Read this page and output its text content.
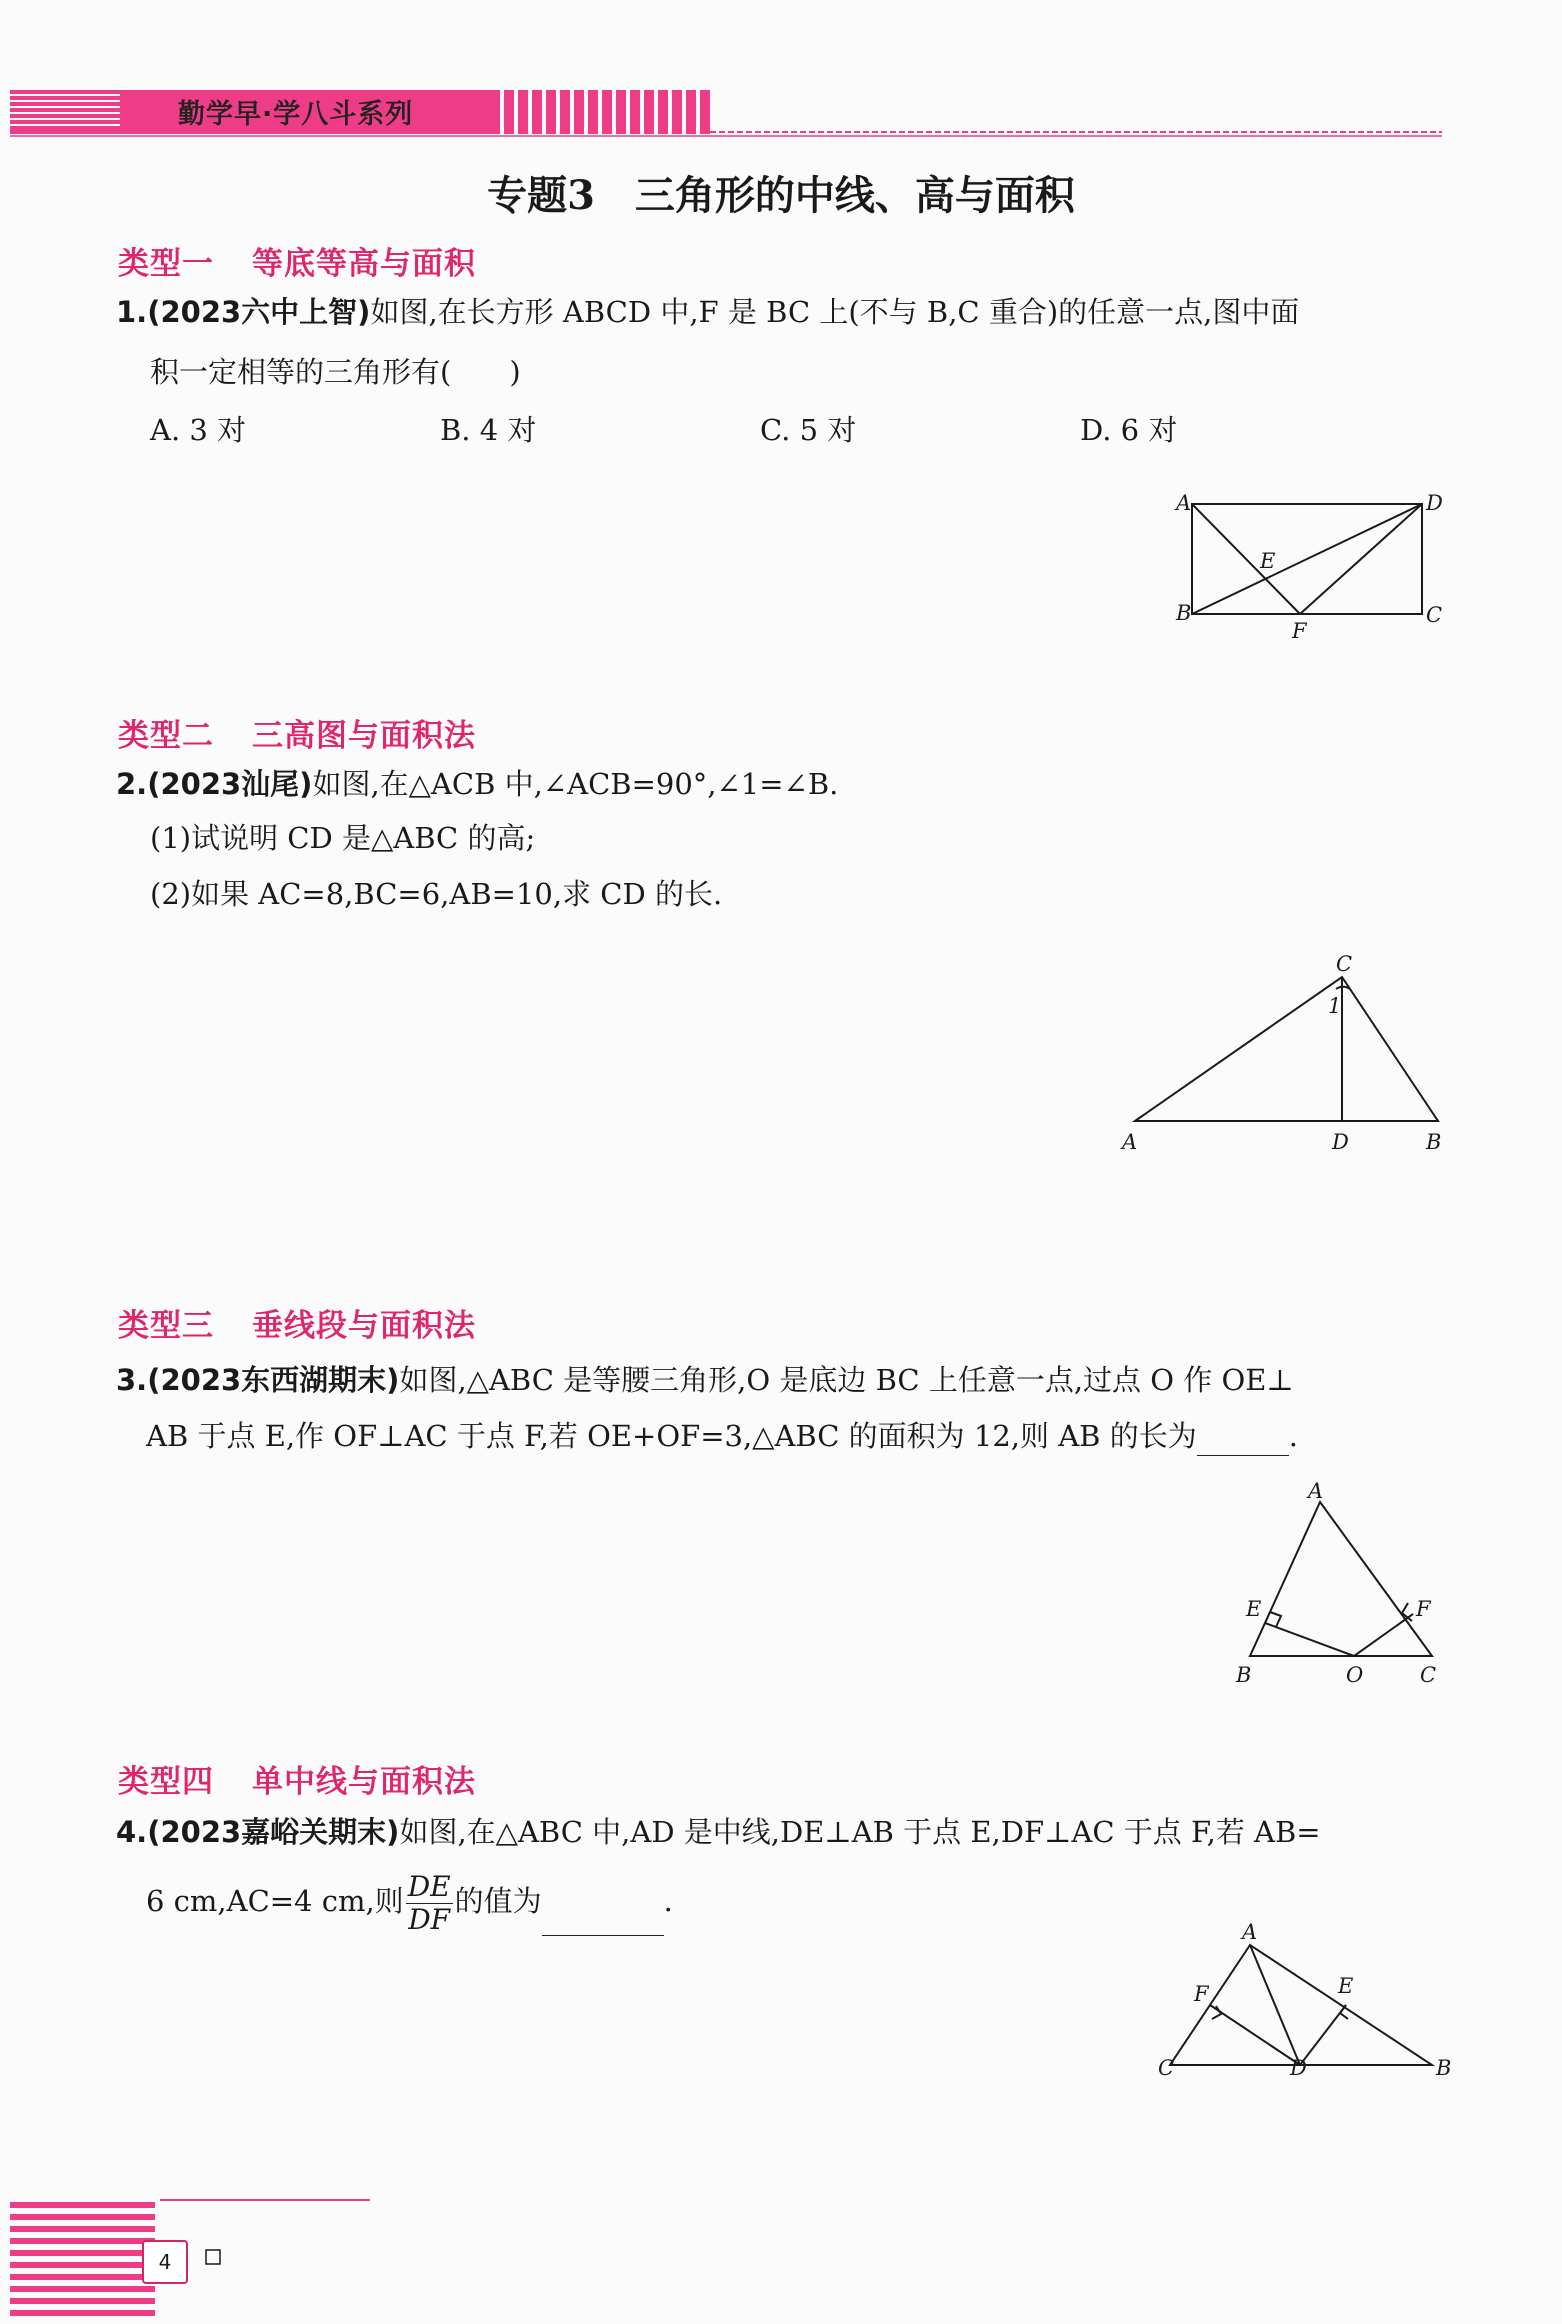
勤学早·学八斗系列
专题3　三角形的中线、高与面积
类型一 等底等高与面积
1.(2023六中上智)如图,在长方形 ABCD 中,F 是 BC 上(不与 B,C 重合)的任意一点,图中面
积一定相等的三角形有(　　)
A. 3 对	B. 4 对	C. 5 对	D. 6 对
A	D
E
B
F
C
类型二 三高图与面积法
2.(2023汕尾)如图,在△ACB 中,∠ACB=90°,∠1=∠B.
(1)试说明 CD 是△ABC 的高;
(2)如果 AC=8,BC=6,AB=10,求 CD 的长.
C
1
A	D	B
类型三 垂线段与面积法
3.(2023东西湖期末)如图,△ABC 是等腰三角形,O 是底边 BC 上任意一点,过点 O 作 OE⊥
AB 于点 E,作 OF⊥AC 于点 F,若 OE+OF=3,△ABC 的面积为 12,则 AB 的长为	.
A
E	F
B	O	C
类型四 单中线与面积法
4.(2023嘉峪关期末)如图,在△ABC 中,AD 是中线,DE⊥AB 于点 E,DF⊥AC 于点 F,若 AB=
6 cm,AC=4 cm,则 $\frac{DE}{DF}$ 的值为	.
A
F	E
C	D	B
4
